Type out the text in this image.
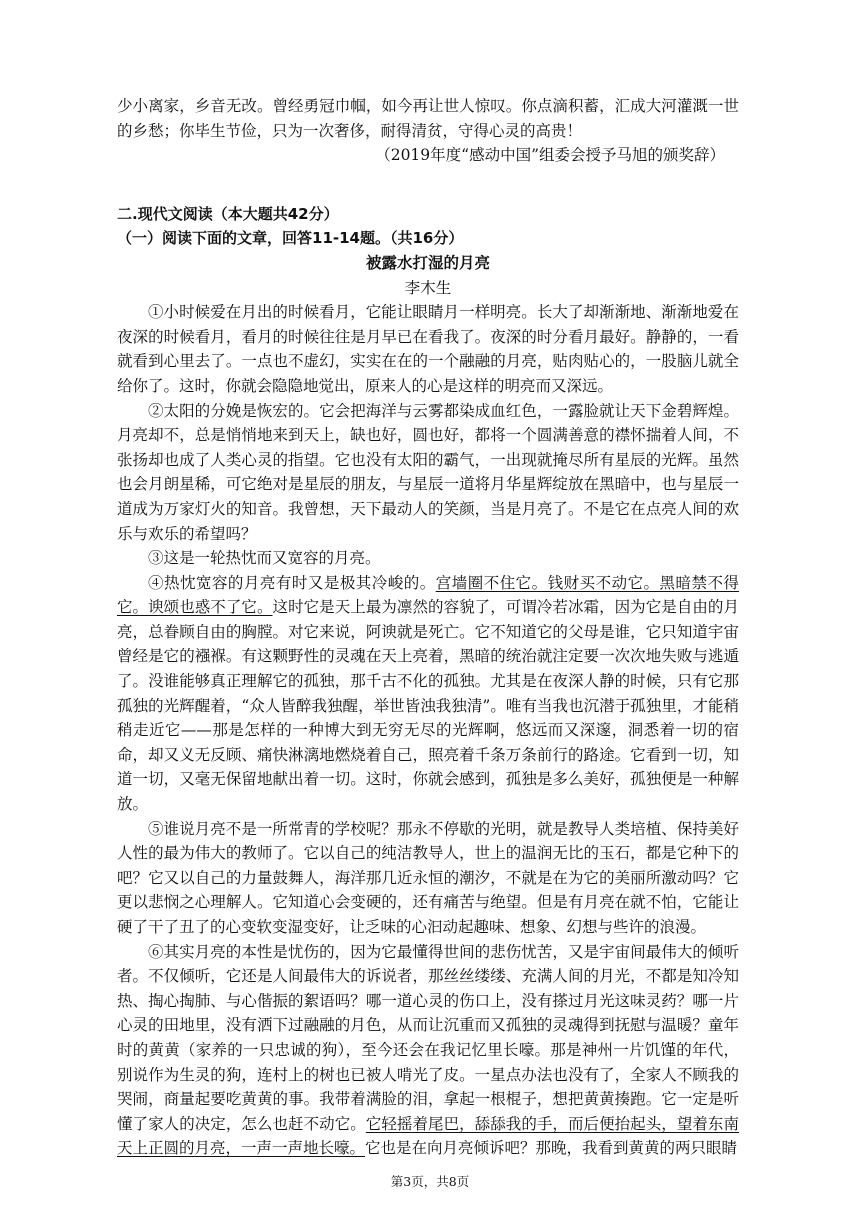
少小离家，乡音无改。曾经勇冠巾帼，如今再让世人惊叹。你点滴积蓄，汇成大河灌溉一世的乡愁；你毕生节俭，只为一次奢侈，耐得清贫，守得心灵的高贵！

（2019年度“感动中国”组委会授予马旭的颁奖辞）

二.现代文阅读（本大题共42分）

（一）阅读下面的文章，回答11-14题。（共16分）

被露水打湿的月亮

李木生

①小时候爱在月出的时候看月，它能让眼睛月一样明亮。长大了却渐渐地、渐渐地爱在夜深的时候看月，看月的时候往往是月早已在看我了。夜深的时分看月最好。静静的，一看就看到心里去了。一点也不虚幻，实实在在的一个融融的月亮，贴肉贴心的，一股脑儿就全给你了。这时，你就会隐隐地觉出，原来人的心是这样的明亮而又深远。

②太阳的分娩是恢宏的。它会把海洋与云雾都染成血红色，一露脸就让天下金碧辉煌。月亮却不，总是悄悄地来到天上，缺也好，圆也好，都将一个圆满善意的襟怀揣着人间，不张扬却也成了人类心灵的指望。它也没有太阳的霸气，一出现就掩尽所有星辰的光辉。虽然也会月朗星稀，可它绝对是星辰的朋友，与星辰一道将月华星辉绽放在黑暗中，也与星辰一道成为万家灯火的知音。我曾想，天下最动人的笑颜，当是月亮了。不是它在点亮人间的欢乐与欢乐的希望吗？

③这是一轮热忱而又宽容的月亮。

④热忱宽容的月亮有时又是极其冷峻的。宫墙圈不住它。钱财买不动它。黑暗禁不得它。谀颂也惑不了它。这时它是天上最为凛然的容貌了，可谓冷若冰霜，因为它是自由的月亮，总眷顾自由的胸膛。对它来说，阿谀就是死亡。它不知道它的父母是谁，它只知道宇宙曾经是它的襁褓。有这颗野性的灵魂在天上亮着，黑暗的统治就注定要一次次地失败与逃遁了。没谁能够真正理解它的孤独，那千古不化的孤独。尤其是在夜深人静的时候，只有它那孤独的光辉醒着，“众人皆醉我独醒，举世皆浊我独清”。唯有当我也沉潜于孤独里，才能稍稍走近它——那是怎样的一种博大到无穷无尽的光辉啊，悠远而又深邃，洞悉着一切的宿命，却又义无反顾、痛快淋漓地燃烧着自己，照亮着千条万条前行的路途。它看到一切，知道一切，又毫无保留地献出着一切。这时，你就会感到，孤独是多么美好，孤独便是一种解放。

⑤谁说月亮不是一所常青的学校呢？那永不停歇的光明，就是教导人类培植、保持美好人性的最为伟大的教师了。它以自己的纯洁教导人，世上的温润无比的玉石，都是它种下的吧？它又以自己的力量鼓舞人，海洋那几近永恒的潮汐，不就是在为它的美丽所激动吗？它更以悲悯之心理解人。它知道心会变硬的，还有痛苦与绝望。但是有月亮在就不怕，它能让硬了干了丑了的心变软变湿变好，让乏味的心汩动起趣味、想象、幻想与些许的浪漫。

⑥其实月亮的本性是忧伤的，因为它最懂得世间的悲伤忧苦，又是宇宙间最伟大的倾听者。不仅倾听，它还是人间最伟大的诉说者，那丝丝缕缕、充满人间的月光，不都是知冷知热、掏心掏肺、与心偕振的絮语吗？哪一道心灵的伤口上，没有搽过月光这味灵药？哪一片心灵的田地里，没有洒下过融融的月色，从而让沉重而又孤独的灵魂得到抚慰与温暖？童年时的黄黄（家养的一只忠诚的狗），至今还会在我记忆里长嚎。那是神州一片饥馑的年代，别说作为生灵的狗，连村上的树也已被人啃光了皮。一星点办法也没有了，全家人不顾我的哭闹，商量起要吃黄黄的事。我带着满脸的泪，拿起一根棍子，想把黄黄揍跑。它一定是听懂了家人的决定，怎么也赶不动它。它轻摇着尾巴，舔舔我的手，而后便抬起头，望着东南天上正圆的月亮，一声一声地长嚎。它也是在向月亮倾诉吧？那晚，我看到黄黄的两只眼睛

第3页，共8页
